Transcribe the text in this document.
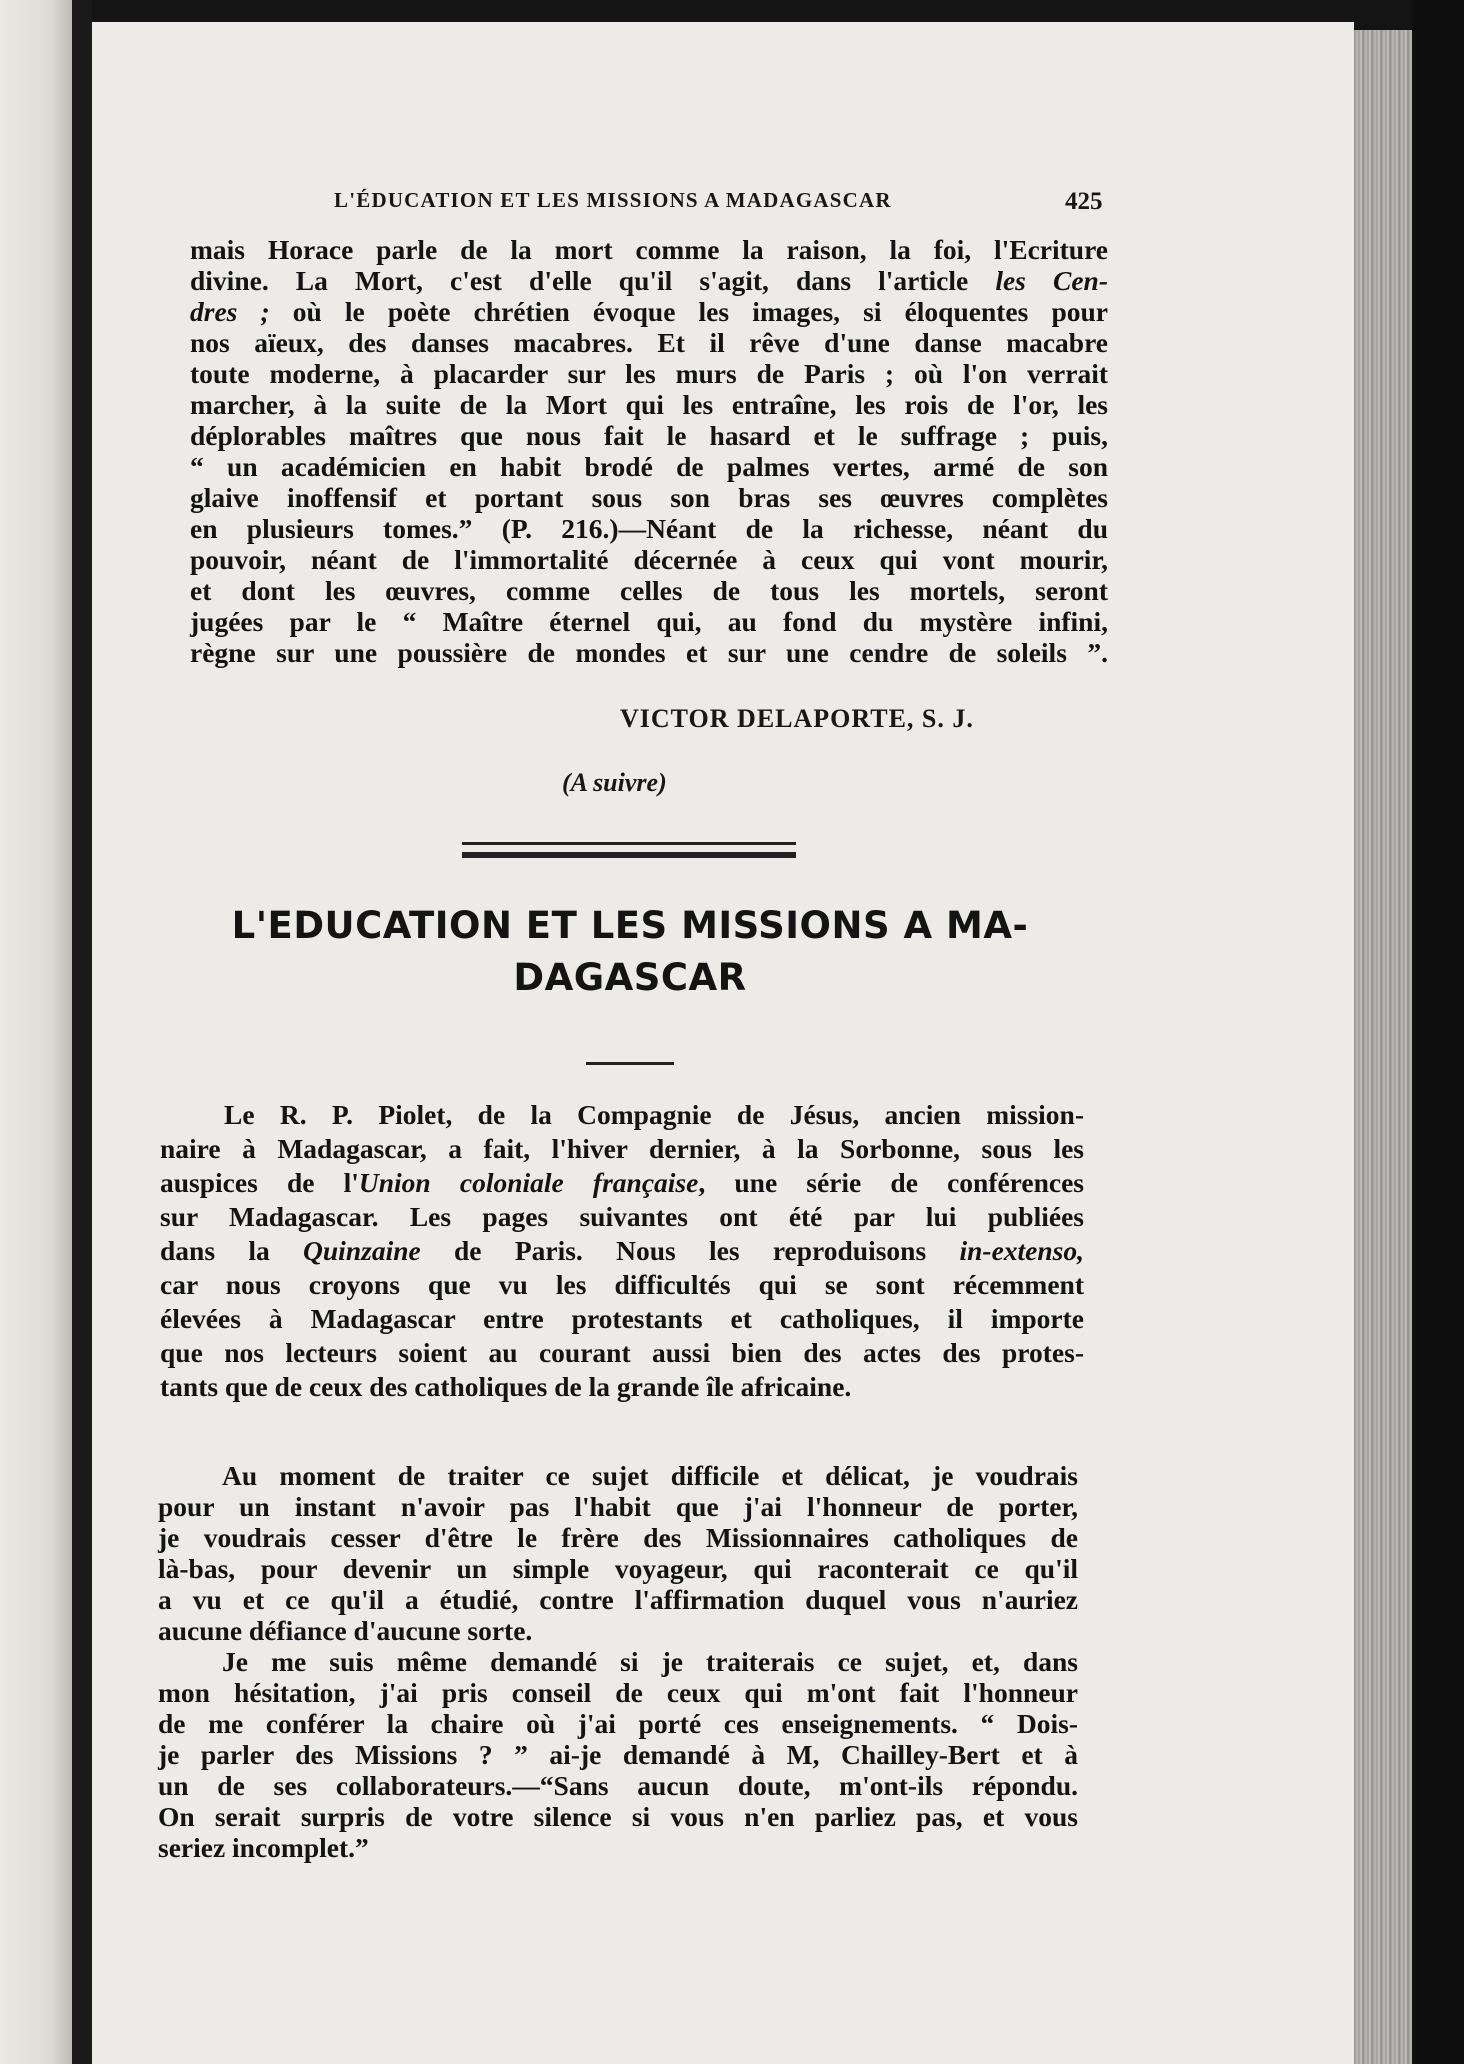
L'ÉDUCATION ET LES MISSIONS A MADAGASCAR	425
mais Horace parle de la mort comme la raison, la foi, l'Ecriture
divine. La Mort, c'est d'elle qu'il s'agit, dans l'article les Cen-
dres ; où le poète chrétien évoque les images, si éloquentes pour
nos aïeux, des danses macabres. Et il rêve d'une danse macabre
toute moderne, à placarder sur les murs de Paris ; où l'on verrait
marcher, à la suite de la Mort qui les entraîne, les rois de l'or, les
déplorables maîtres que nous fait le hasard et le suffrage ; puis,
“ un académicien en habit brodé de palmes vertes, armé de son
glaive inoffensif et portant sous son bras ses œuvres complètes
en plusieurs tomes.” (P. 216.)—Néant de la richesse, néant du
pouvoir, néant de l'immortalité décernée à ceux qui vont mourir,
et dont les œuvres, comme celles de tous les mortels, seront
jugées par le “ Maître éternel qui, au fond du mystère infini,
règne sur une poussière de mondes et sur une cendre de soleils ”.
VICTOR DELAPORTE, S. J.
(A suivre)
L'EDUCATION ET LES MISSIONS A MA-
DAGASCAR
Le R. P. Piolet, de la Compagnie de Jésus, ancien mission-
naire à Madagascar, a fait, l'hiver dernier, à la Sorbonne, sous les
auspices de l'Union coloniale française, une série de conférences
sur Madagascar. Les pages suivantes ont été par lui publiées
dans la Quinzaine de Paris. Nous les reproduisons in-extenso,
car nous croyons que vu les difficultés qui se sont récemment
élevées à Madagascar entre protestants et catholiques, il importe
que nos lecteurs soient au courant aussi bien des actes des protes-
tants que de ceux des catholiques de la grande île africaine.
Au moment de traiter ce sujet difficile et délicat, je voudrais
pour un instant n'avoir pas l'habit que j'ai l'honneur de porter,
je voudrais cesser d'être le frère des Missionnaires catholiques de
là-bas, pour devenir un simple voyageur, qui raconterait ce qu'il
a vu et ce qu'il a étudié, contre l'affirmation duquel vous n'auriez
aucune défiance d'aucune sorte.
Je me suis même demandé si je traiterais ce sujet, et, dans
mon hésitation, j'ai pris conseil de ceux qui m'ont fait l'honneur
de me conférer la chaire où j'ai porté ces enseignements. “ Dois-
je parler des Missions ? ” ai-je demandé à M, Chailley-Bert et à
un de ses collaborateurs.—“Sans aucun doute, m'ont-ils répondu.
On serait surpris de votre silence si vous n'en parliez pas, et vous
seriez incomplet.”
